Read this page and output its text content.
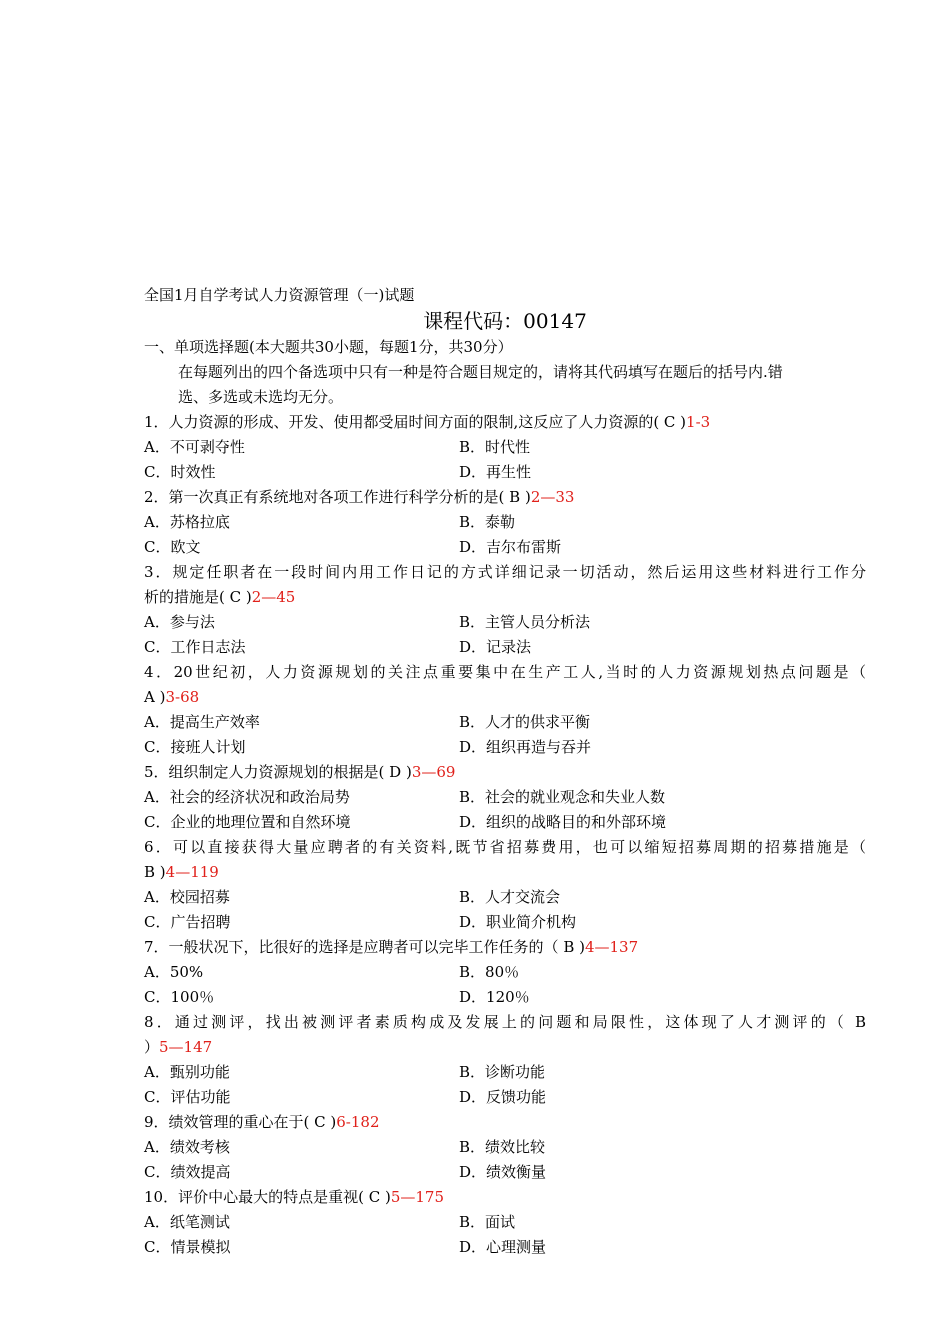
全国1月自学考试人力资源管理（一)试题
课程代码：00147
一、单项选择题(本大题共30小题，每题1分，共30分）
在每题列出的四个备选项中只有一种是符合题目规定的，请将其代码填写在题后的括号内.错
选、多选或未选均无分。
1．人力资源的形成、开发、使用都受届时间方面的限制,这反应了人力资源的( C )1-3
A．不可剥夺性	B．时代性
C．时效性	D．再生性
2．第一次真正有系统地对各项工作进行科学分析的是( B )2—33
A．苏格拉底	B．泰勒
C．欧文	D．吉尔布雷斯
3．规定任职者在一段时间内用工作日记的方式详细记录一切活动，然后运用这些材料进行工作分
析的措施是( C )2—45
A．参与法	B．主管人员分析法
C．工作日志法	D．记录法
4．20世纪初，人力资源规划的关注点重要集中在生产工人,当时的人力资源规划热点问题是（
A )3-68
A．提高生产效率	B．人才的供求平衡
C．接班人计划	D．组织再造与吞并
5．组织制定人力资源规划的根据是( D )3—69
A．社会的经济状况和政治局势	B．社会的就业观念和失业人数
C．企业的地理位置和自然环境	D．组织的战略目的和外部环境
6．可以直接获得大量应聘者的有关资料,既节省招募费用，也可以缩短招募周期的招募措施是（
B )4—119
A．校园招募	B．人才交流会
C．广告招聘	D．职业简介机构
7．一般状况下，比很好的选择是应聘者可以完毕工作任务的（ B )4—137
A．50%	B．80％
C．100％	D．120％
8．通过测评，找出被测评者素质构成及发展上的问题和局限性，这体现了人才测评的（ B
）5—147
A．甄别功能	B．诊断功能
C．评估功能	D．反馈功能
9．绩效管理的重心在于( C )6-182
A．绩效考核	B．绩效比较
C．绩效提高	D．绩效衡量
10．评价中心最大的特点是重视( C )5—175
A．纸笔测试	B．面试
C．情景模拟	D．心理测量
